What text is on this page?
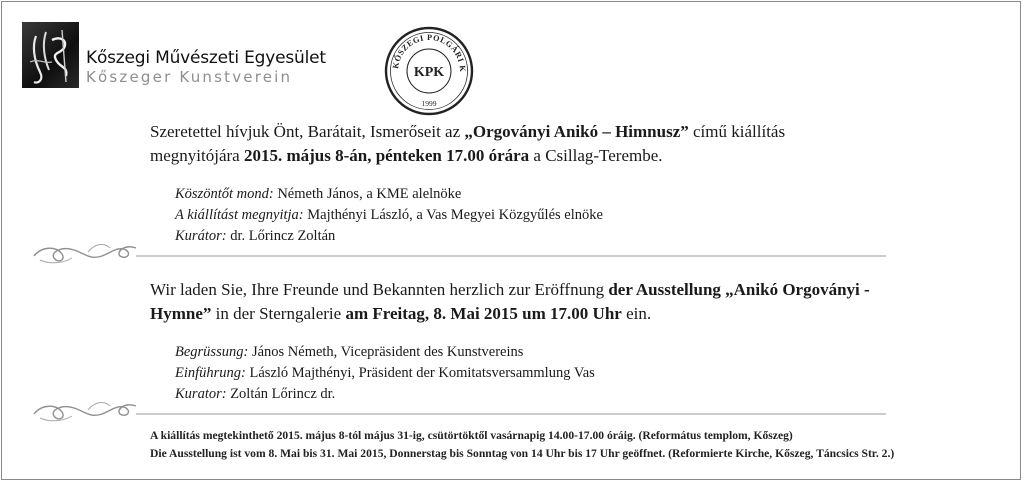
Kőszegi Művészeti Egyesület
Kőszeger Kunstverein
KŐSZEGI POLGÁRI K
KPK
1999
Szeretettel hívjuk Önt, Barátait, Ismerőseit az „Orgoványi Anikó – Himnusz” című kiállítás
megnyitójára 2015. május 8-án, pénteken 17.00 órára a Csillag-Terembe.
Köszöntőt mond: Németh János, a KME alelnöke
A kiállítást megnyitja: Majthényi László, a Vas Megyei Közgyűlés elnöke
Kurátor: dr. Lőrincz Zoltán
Wir laden Sie, Ihre Freunde und Bekannten herzlich zur Eröffnung der Ausstellung „Anikó Orgoványi -
Hymne” in der Sterngalerie am Freitag, 8. Mai 2015 um 17.00 Uhr ein.
Begrüssung: János Németh, Vicepräsident des Kunstvereins
Einführung: László Majthényi, Präsident der Komitatsversammlung Vas
Kurator: Zoltán Lőrincz dr.
A kiállítás megtekinthető 2015. május 8-tól május 31-ig, csütörtöktől vasárnapig 14.00-17.00 óráig. (Református templom, Kőszeg)
Die Ausstellung ist vom 8. Mai bis 31. Mai 2015, Donnerstag bis Sonntag von 14 Uhr bis 17 Uhr geöffnet. (Reformierte Kirche, Kőszeg, Táncsics Str. 2.)
